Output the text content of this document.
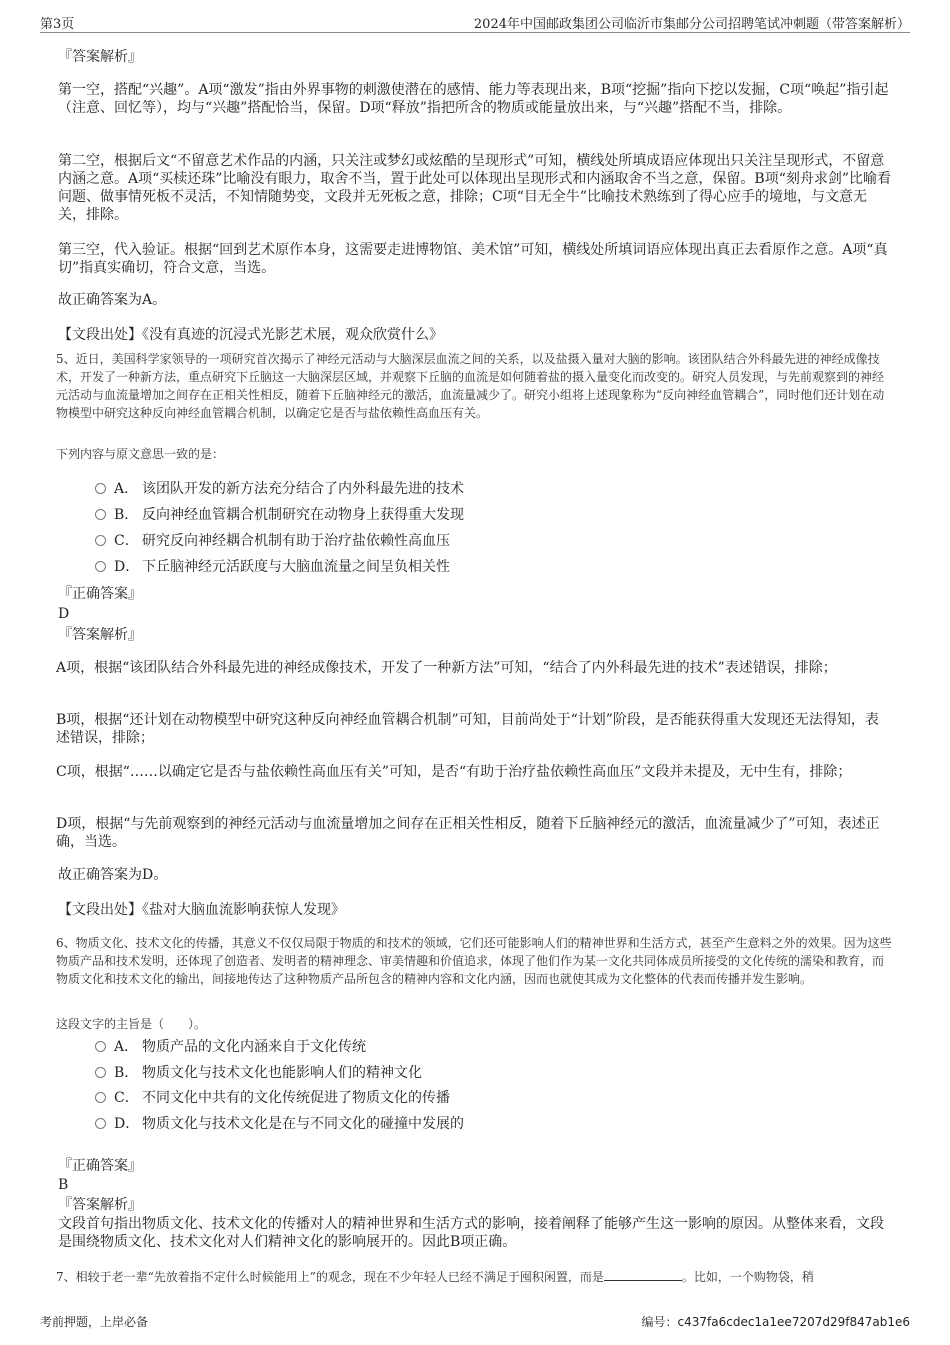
第3页	2024年中国邮政集团公司临沂市集邮分公司招聘笔试冲刺题（带答案解析）
『答案解析』
第一空，搭配“兴趣”。A项“激发”指由外界事物的刺激使潜在的感情、能力等表现出来，B项“挖掘”指向下挖以发掘，C项“唤起”指引起（注意、回忆等），均与“兴趣”搭配恰当，保留。D项“释放”指把所含的物质或能量放出来，与“兴趣”搭配不当，排除。
第二空，根据后文“不留意艺术作品的内涵，只关注或梦幻或炫酷的呈现形式”可知，横线处所填成语应体现出只关注呈现形式，不留意内涵之意。A项“买椟还珠”比喻没有眼力，取舍不当，置于此处可以体现出呈现形式和内涵取舍不当之意，保留。B项“刻舟求剑”比喻看问题、做事情死板不灵活，不知情随势变，文段并无死板之意，排除；C项“目无全牛”比喻技术熟练到了得心应手的境地，与文意无关，排除。
第三空，代入验证。根据“回到艺术原作本身，这需要走进博物馆、美术馆”可知，横线处所填词语应体现出真正去看原作之意。A项“真切”指真实确切，符合文意，当选。
故正确答案为A。
【文段出处】《没有真迹的沉浸式光影艺术展，观众欣赏什么》
5、近日，美国科学家领导的一项研究首次揭示了神经元活动与大脑深层血流之间的关系，以及盐摄入量对大脑的影响。该团队结合外科最先进的神经成像技术，开发了一种新方法，重点研究下丘脑这一大脑深层区域，并观察下丘脑的血流是如何随着盐的摄入量变化而改变的。研究人员发现，与先前观察到的神经元活动与血流量增加之间存在正相关性相反，随着下丘脑神经元的激活，血流量减少了。研究小组将上述现象称为“反向神经血管耦合”，同时他们还计划在动物模型中研究这种反向神经血管耦合机制，以确定它是否与盐依赖性高血压有关。
下列内容与原文意思一致的是：
A． 该团队开发的新方法充分结合了内外科最先进的技术
B． 反向神经血管耦合机制研究在动物身上获得重大发现
C． 研究反向神经耦合机制有助于治疗盐依赖性高血压
D． 下丘脑神经元活跃度与大脑血流量之间呈负相关性
『正确答案』
D
『答案解析』
A项，根据“该团队结合外科最先进的神经成像技术，开发了一种新方法”可知，“结合了内外科最先进的技术”表述错误，排除；
B项，根据“还计划在动物模型中研究这种反向神经血管耦合机制”可知，目前尚处于“计划”阶段，是否能获得重大发现还无法得知，表述错误，排除；
C项，根据“……以确定它是否与盐依赖性高血压有关”可知，是否“有助于治疗盐依赖性高血压”文段并未提及，无中生有，排除；
D项，根据“与先前观察到的神经元活动与血流量增加之间存在正相关性相反，随着下丘脑神经元的激活，血流量减少了”可知，表述正确，当选。
故正确答案为D。
【文段出处】《盐对大脑血流影响获惊人发现》
6、物质文化、技术文化的传播，其意义不仅仅局限于物质的和技术的领域，它们还可能影响人们的精神世界和生活方式，甚至产生意料之外的效果。因为这些物质产品和技术发明，还体现了创造者、发明者的精神理念、审美情趣和价值追求，体现了他们作为某一文化共同体成员所接受的文化传统的濡染和教育，而物质文化和技术文化的输出，间接地传达了这种物质产品所包含的精神内容和文化内涵，因而也就使其成为文化整体的代表而传播并发生影响。
这段文字的主旨是（　　）。
A． 物质产品的文化内涵来自于文化传统
B． 物质文化与技术文化也能影响人们的精神文化
C． 不同文化中共有的文化传统促进了物质文化的传播
D． 物质文化与技术文化是在与不同文化的碰撞中发展的
『正确答案』
B
『答案解析』
文段首句指出物质文化、技术文化的传播对人的精神世界和生活方式的影响，接着阐释了能够产生这一影响的原因。从整体来看，文段是围绕物质文化、技术文化对人们精神文化的影响展开的。因此B项正确。
7、相较于老一辈“先放着指不定什么时候能用上”的观念，现在不少年轻人已经不满足于囤积闲置，而是	。比如，一个购物袋，稍
考前押题，上岸必备	编号：c437fa6cdec1a1ee7207d29f847ab1e6
